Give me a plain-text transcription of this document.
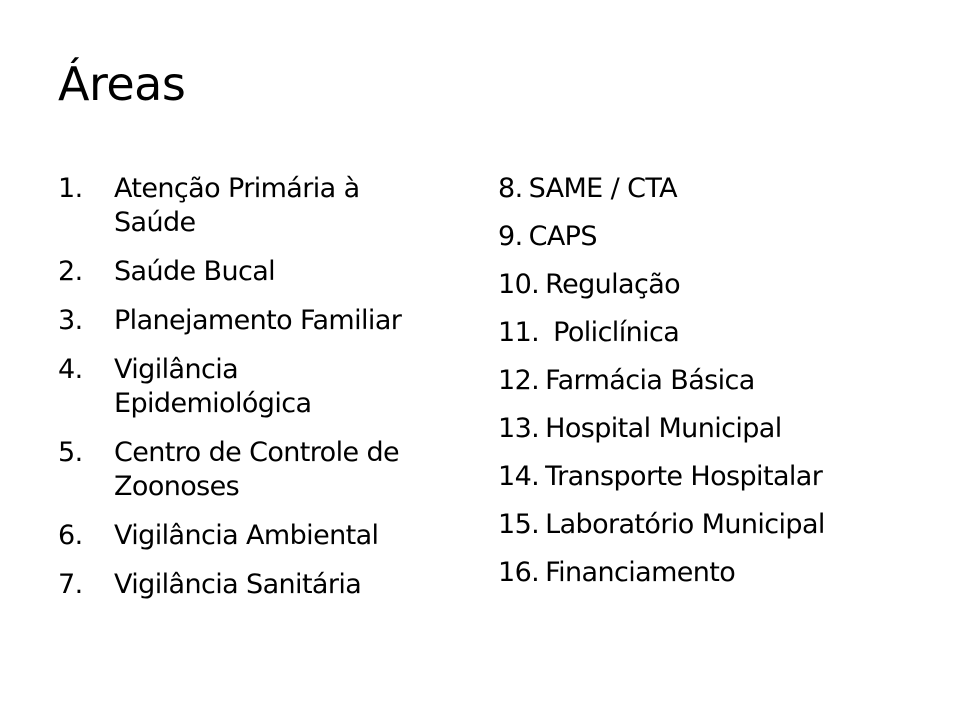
Áreas
1. Atenção Primária à
Saúde
2. Saúde Bucal
3. Planejamento Familiar
4. Vigilância
Epidemiológica
5. Centro de Controle de
Zoonoses
6. Vigilância Ambiental
7. Vigilância Sanitária
8. SAME / CTA
9. CAPS
10. Regulação
11. Policlínica
12. Farmácia Básica
13. Hospital Municipal
14. Transporte Hospitalar
15. Laboratório Municipal
16. Financiamento
